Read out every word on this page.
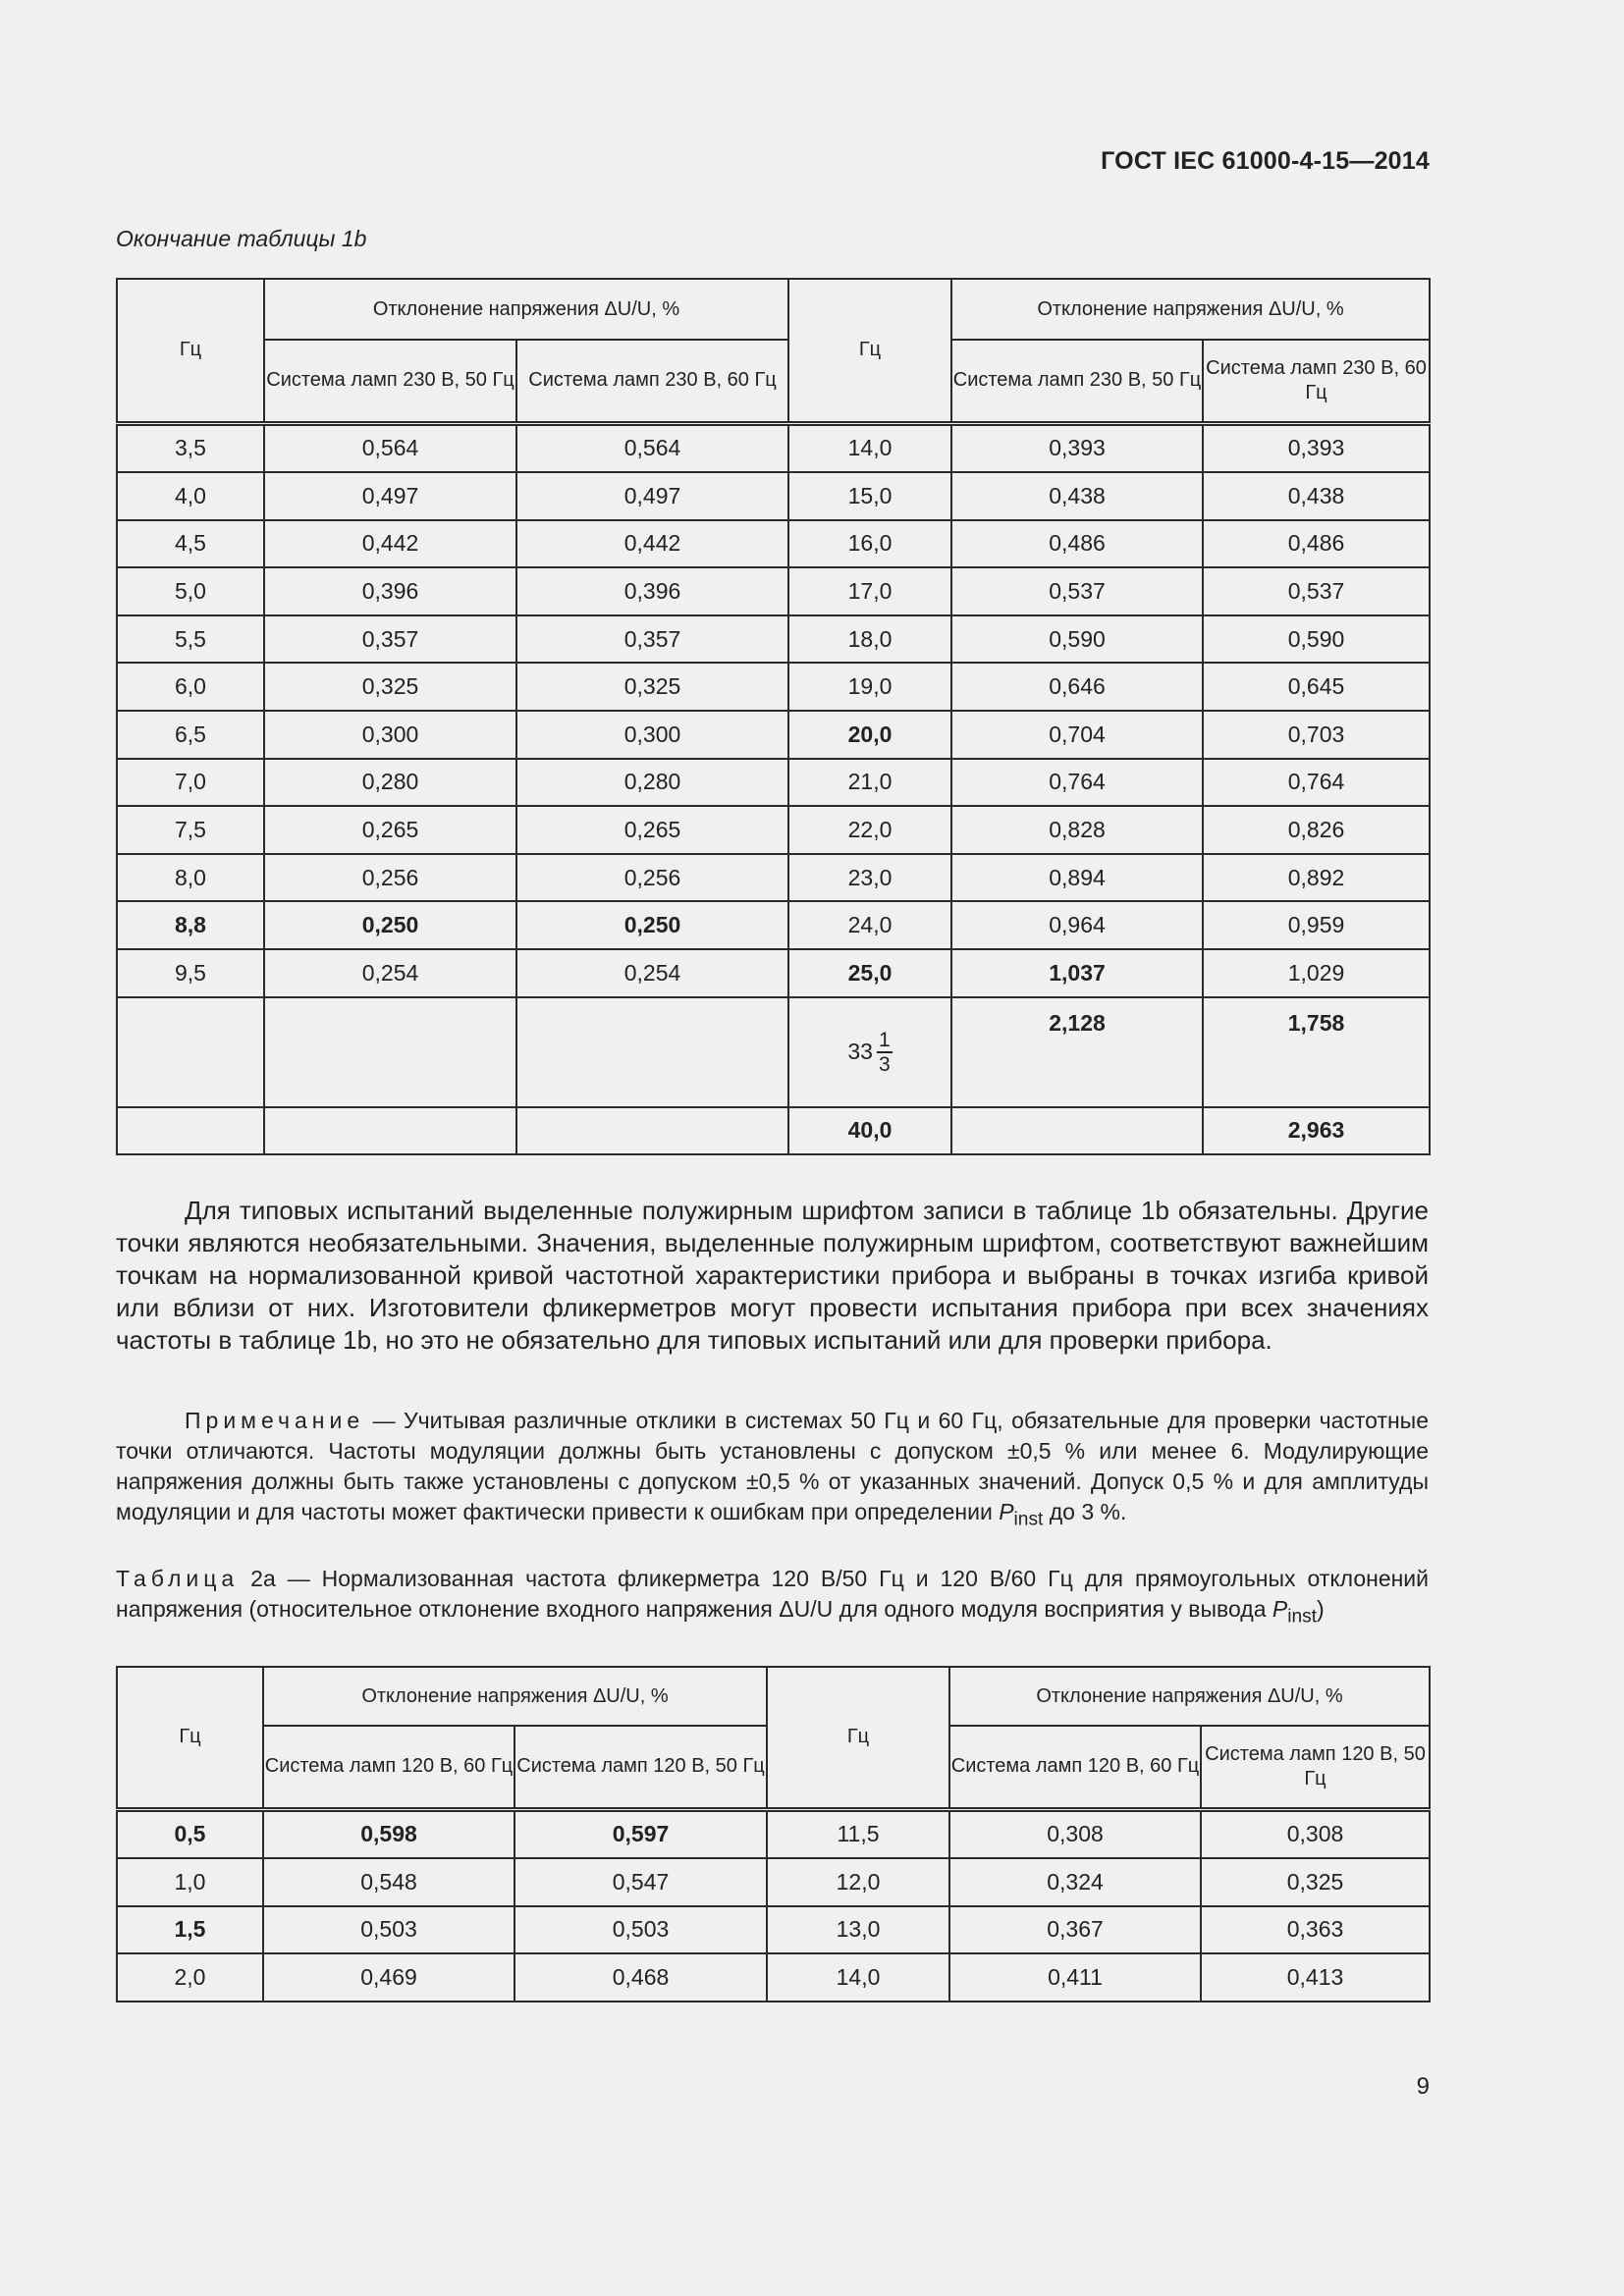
ГОСТ IEC 61000-4-15—2014
Окончание таблицы 1b
Гц	Отклонение напряжения ΔU/U, %		Гц	Отклонение напряжения ΔU/U, %	
	Система ламп 230 В, 50 Гц	Система ламп 230 В, 60 Гц		Система ламп 230 В, 50 Гц	Система ламп 230 В, 60 Гц
3,5	0,564	0,564	14,0	0,393	0,393
4,0	0,497	0,497	15,0	0,438	0,438
4,5	0,442	0,442	16,0	0,486	0,486
5,0	0,396	0,396	17,0	0,537	0,537
5,5	0,357	0,357	18,0	0,590	0,590
6,0	0,325	0,325	19,0	0,646	0,645
6,5	0,300	0,300	20,0	0,704	0,703
7,0	0,280	0,280	21,0	0,764	0,764
7,5	0,265	0,265	22,0	0,828	0,826
8,0	0,256	0,256	23,0	0,894	0,892
8,8	0,250	0,250	24,0	0,964	0,959
9,5	0,254	0,254	25,0	1,037	1,029

			$33 \frac{1}{3}$	2,128	1,758
			40,0		2,963
Для типовых испытаний выделенные полужирным шрифтом записи в таблице 1b обязательны. Другие точки являются необязательными. Значения, выделенные полужирным шрифтом, соответствуют важнейшим точкам на нормализованной кривой частотной характеристики прибора и выбраны в точках изгиба кривой или вблизи от них. Изготовители фликерметров могут провести испытания прибора при всех значениях частоты в таблице 1b, но это не обязательно для типовых испытаний или для проверки прибора.
Примечание — Учитывая различные отклики в системах 50 Гц и 60 Гц, обязательные для проверки частотные точки отличаются. Частоты модуляции должны быть установлены с допуском ±0,5 % или менее 6. Модулирующие напряжения должны быть также установлены с допуском ±0,5 % от указанных значений. Допуск 0,5 % и для амплитуды модуляции и для частоты может фактически привести к ошибкам при определении $P_{inst}$ до 3 %.
Таблица 2а — Нормализованная частота фликерметра 120 В/50 Гц и 120 В/60 Гц для прямоугольных отклонений напряжения (относительное отклонение входного напряжения ΔU/U для одного модуля восприятия у вывода $P_{inst}$)
Гц	Отклонение напряжения ΔU/U, %		Гц	Отклонение напряжения ΔU/U, %	
	Система ламп 120 В, 60 Гц	Система ламп 120 В, 50 Гц		Система ламп 120 В, 60 Гц	Система ламп 120 В, 50 Гц
0,5	0,598	0,597	11,5	0,308	0,308
1,0	0,548	0,547	12,0	0,324	0,325
1,5	0,503	0,503	13,0	0,367	0,363
2,0	0,469	0,468	14,0	0,411	0,413
9
